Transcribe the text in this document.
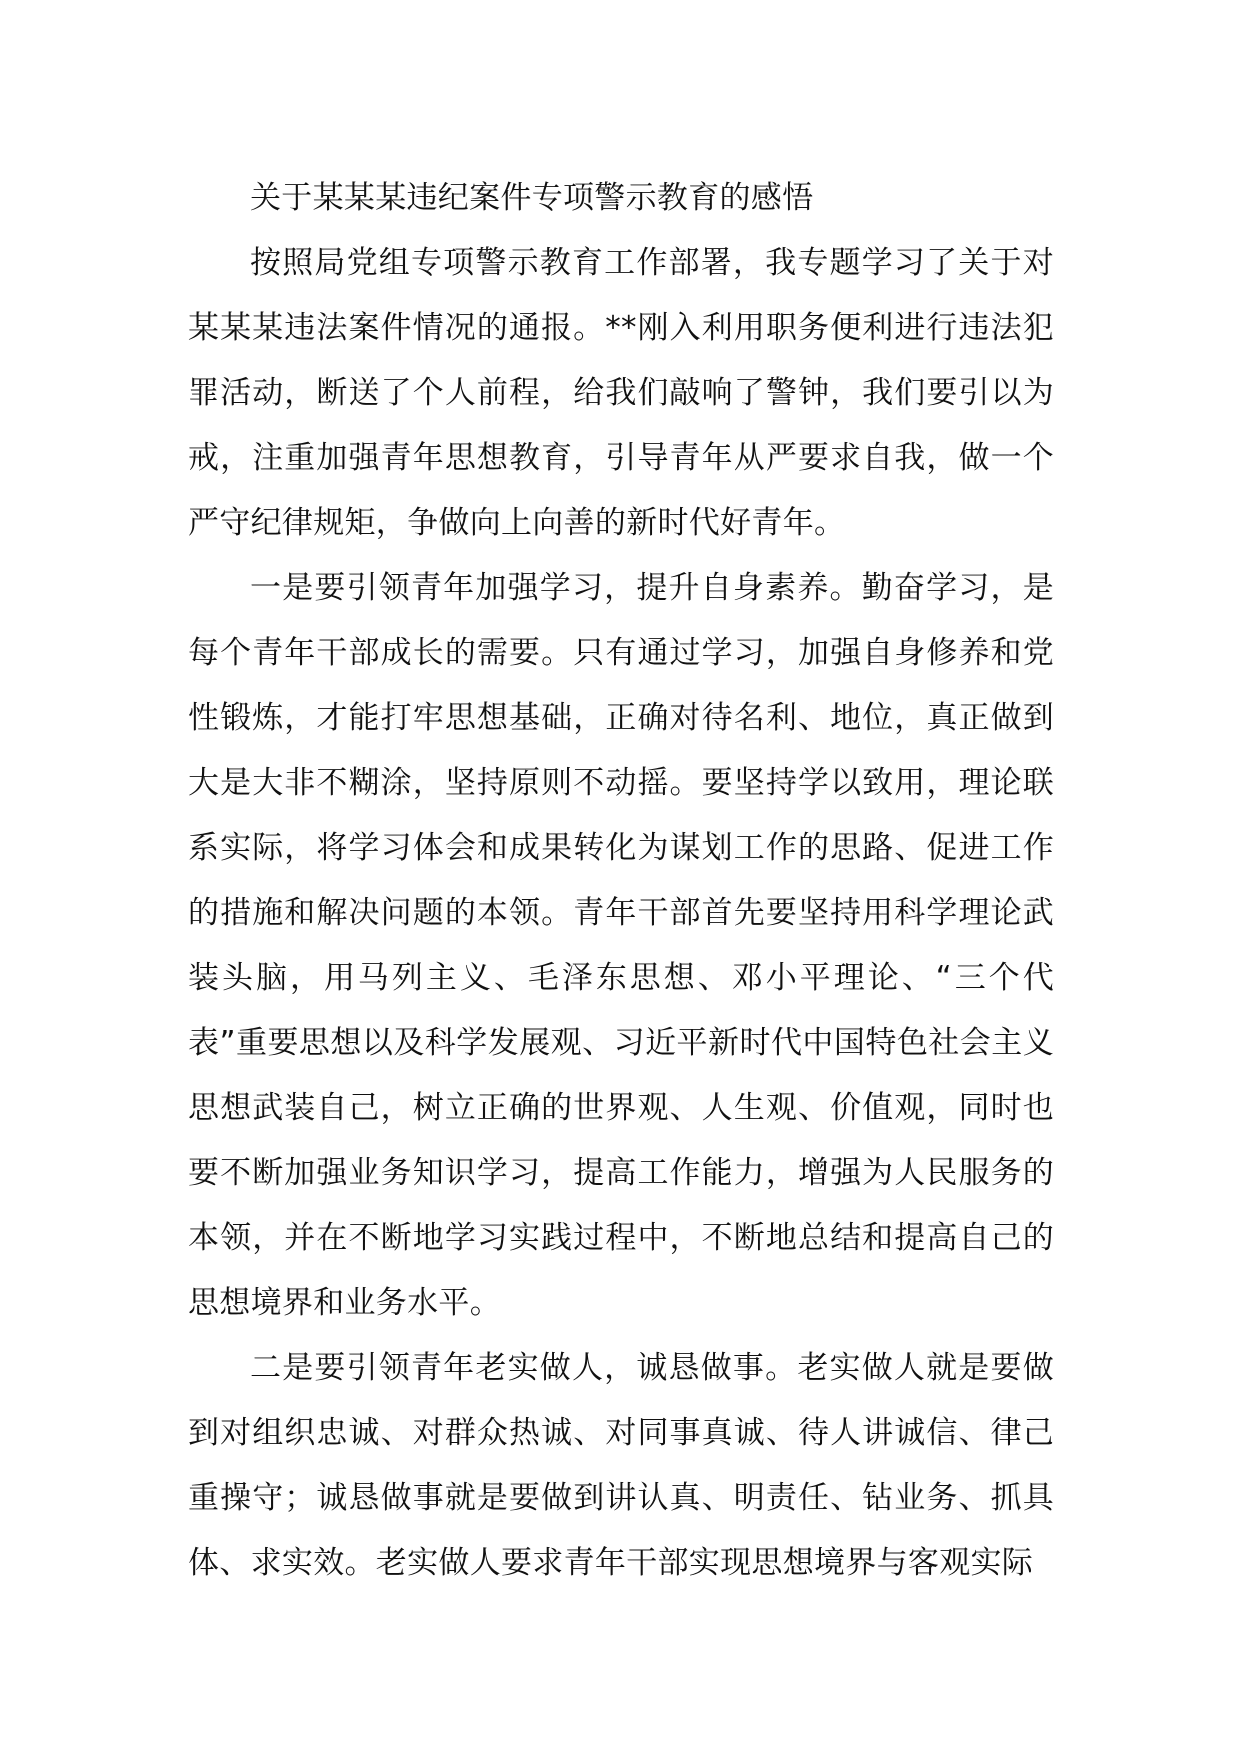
关于某某某违纪案件专项警示教育的感悟

按照局党组专项警示教育工作部署，我专题学习了关于对某某某违法案件情况的通报。**刚入利用职务便利进行违法犯罪活动，断送了个人前程，给我们敲响了警钟，我们要引以为戒，注重加强青年思想教育，引导青年从严要求自我，做一个严守纪律规矩，争做向上向善的新时代好青年。

一是要引领青年加强学习，提升自身素养。勤奋学习，是每个青年干部成长的需要。只有通过学习，加强自身修养和党性锻炼，才能打牢思想基础，正确对待名利、地位，真正做到大是大非不糊涂，坚持原则不动摇。要坚持学以致用，理论联系实际，将学习体会和成果转化为谋划工作的思路、促进工作的措施和解决问题的本领。青年干部首先要坚持用科学理论武装头脑，用马列主义、毛泽东思想、邓小平理论、“三个代表”重要思想以及科学发展观、习近平新时代中国特色社会主义思想武装自己，树立正确的世界观、人生观、价值观，同时也要不断加强业务知识学习，提高工作能力，增强为人民服务的本领，并在不断地学习实践过程中，不断地总结和提高自己的思想境界和业务水平。

二是要引领青年老实做人，诚恳做事。老实做人就是要做到对组织忠诚、对群众热诚、对同事真诚、待人讲诚信、律己重操守；诚恳做事就是要做到讲认真、明责任、钻业务、抓具体、求实效。老实做人要求青年干部实现思想境界与客观实际
